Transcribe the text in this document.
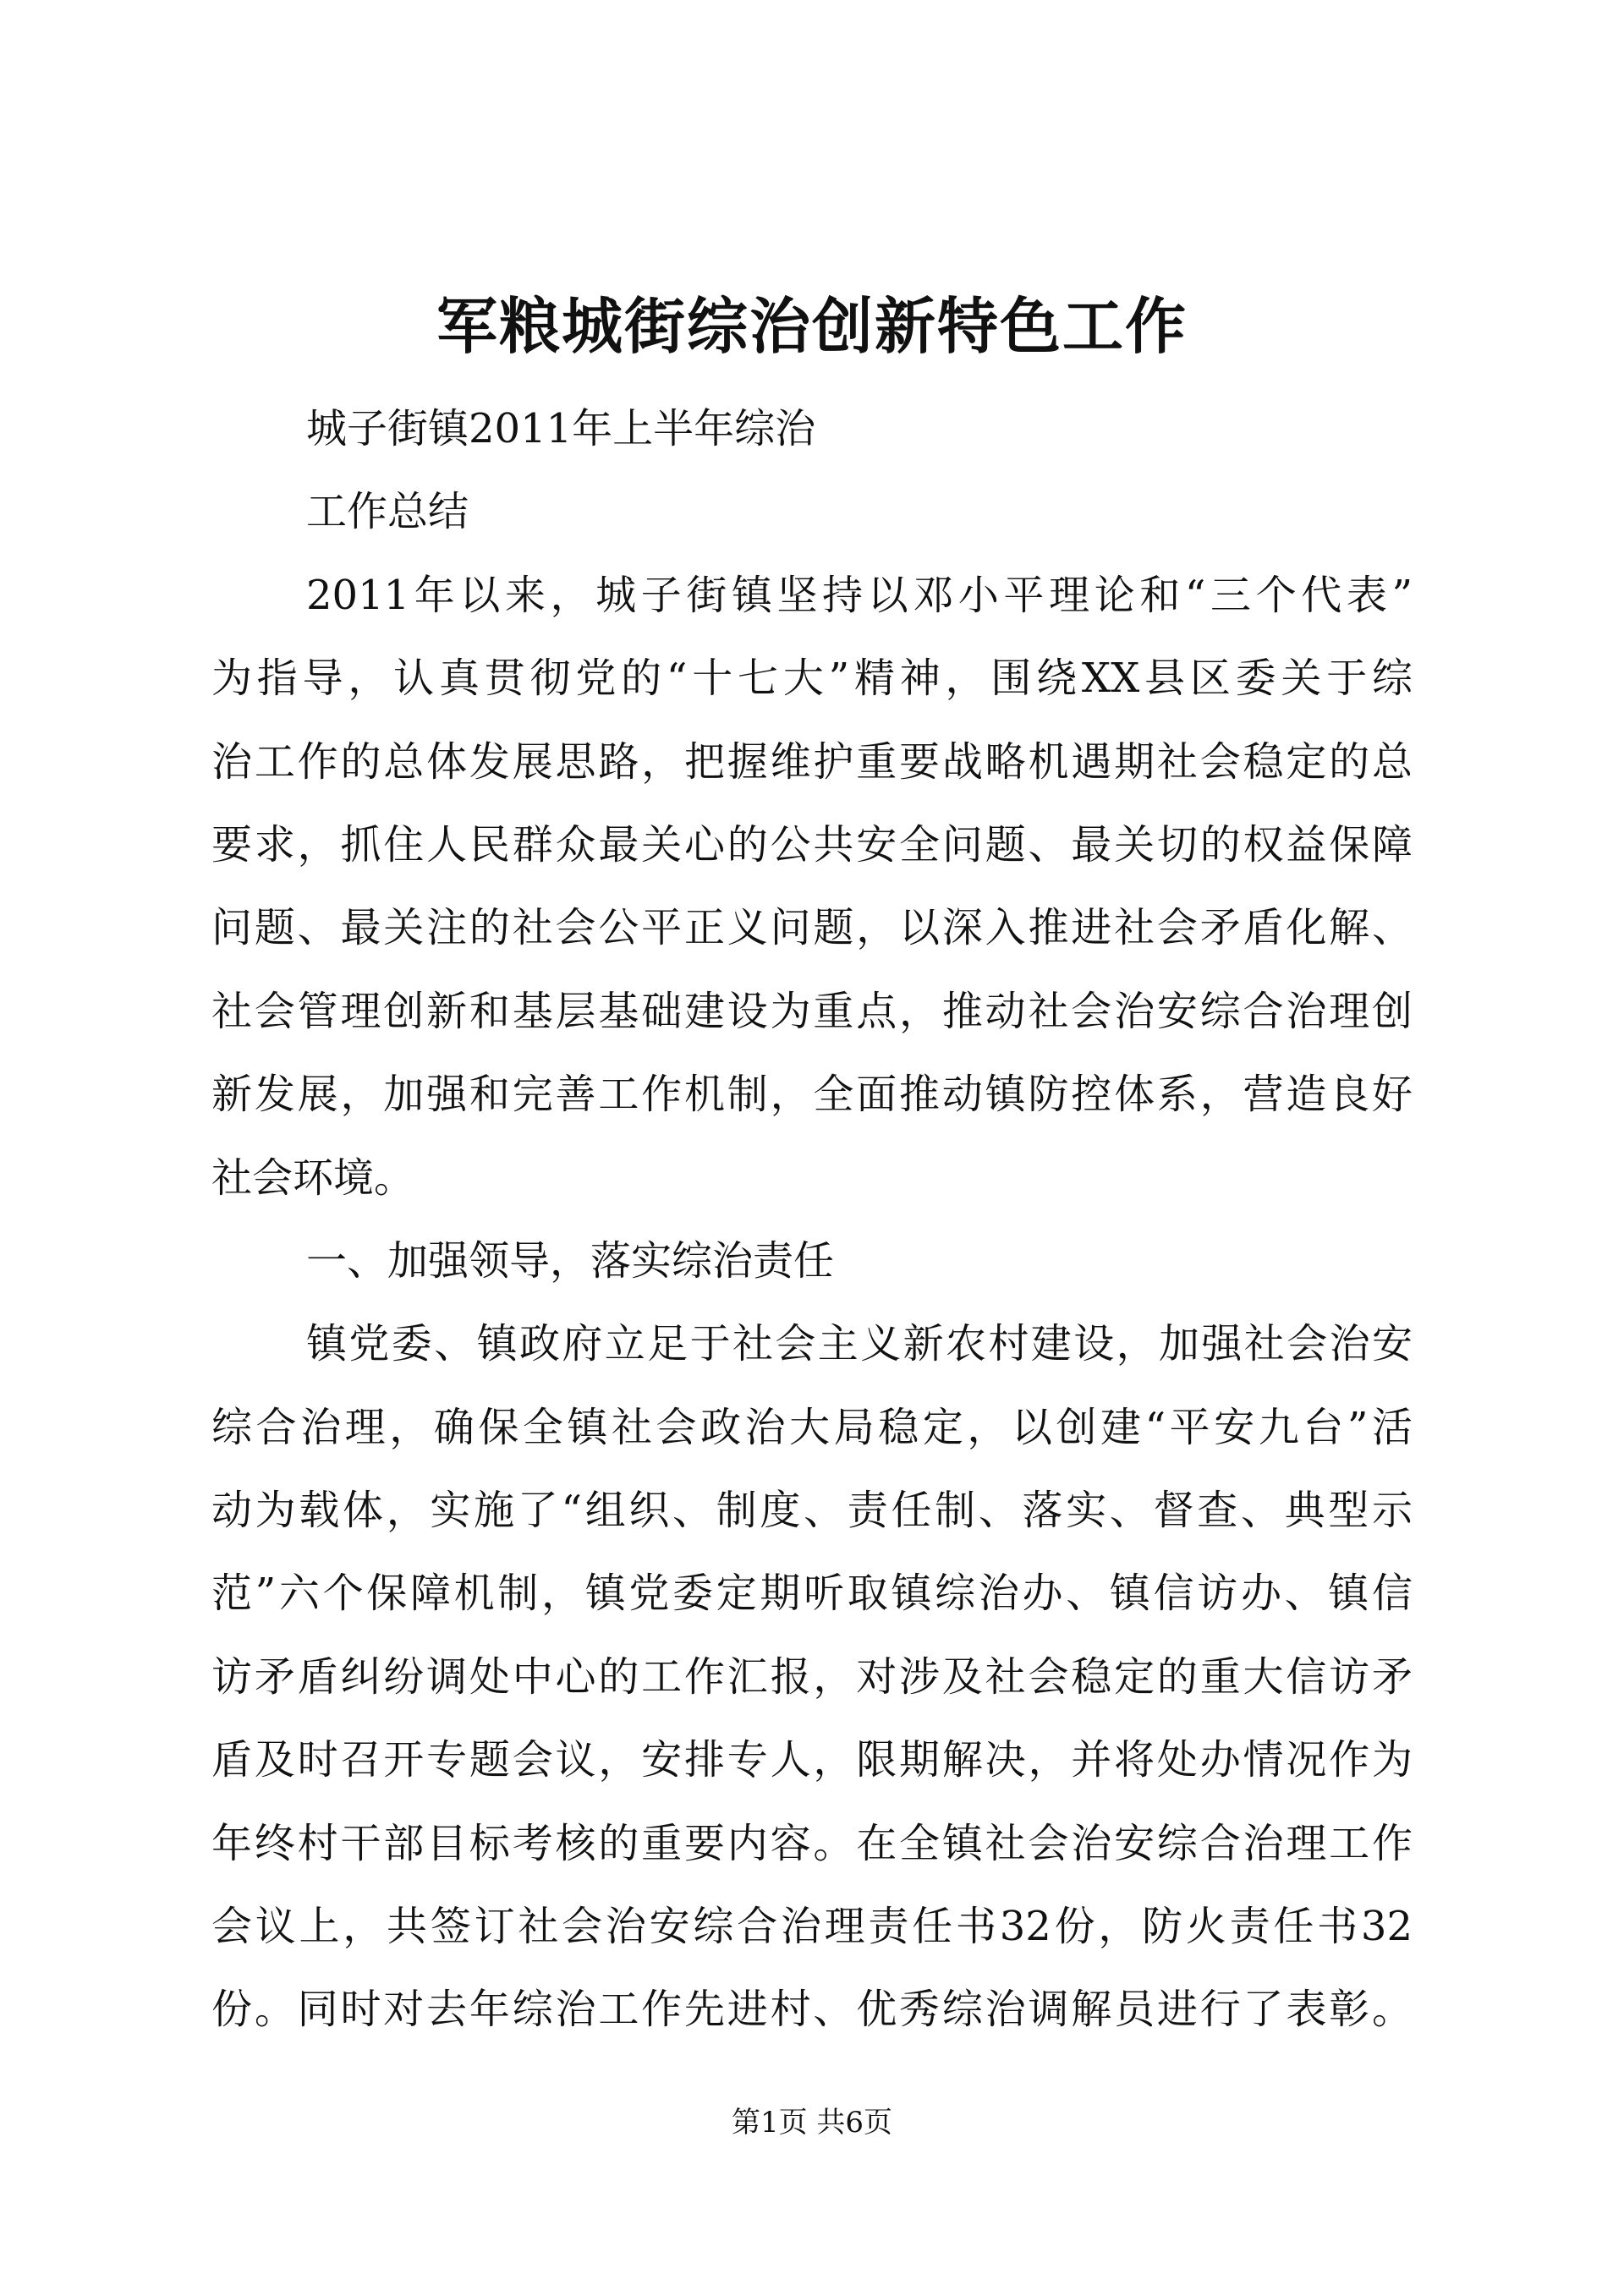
军粮城街综治创新特色工作
城子街镇2011年上半年综治
工作总结
2011年以来，城子街镇坚持以邓小平理论和“三个代表”
为指导，认真贯彻党的“十七大”精神，围绕XX县区委关于综
治工作的总体发展思路，把握维护重要战略机遇期社会稳定的总
要求，抓住人民群众最关心的公共安全问题、最关切的权益保障
问题、最关注的社会公平正义问题，以深入推进社会矛盾化解、
社会管理创新和基层基础建设为重点，推动社会治安综合治理创
新发展，加强和完善工作机制，全面推动镇防控体系，营造良好
社会环境。
一、加强领导，落实综治责任
镇党委、镇政府立足于社会主义新农村建设，加强社会治安
综合治理，确保全镇社会政治大局稳定，以创建“平安九台”活
动为载体，实施了“组织、制度、责任制、落实、督查、典型示
范”六个保障机制，镇党委定期听取镇综治办、镇信访办、镇信
访矛盾纠纷调处中心的工作汇报，对涉及社会稳定的重大信访矛
盾及时召开专题会议，安排专人，限期解决，并将处办情况作为
年终村干部目标考核的重要内容。在全镇社会治安综合治理工作
会议上，共签订社会治安综合治理责任书32份，防火责任书32
份。同时对去年综治工作先进村、优秀综治调解员进行了表彰。
第1页 共6页
